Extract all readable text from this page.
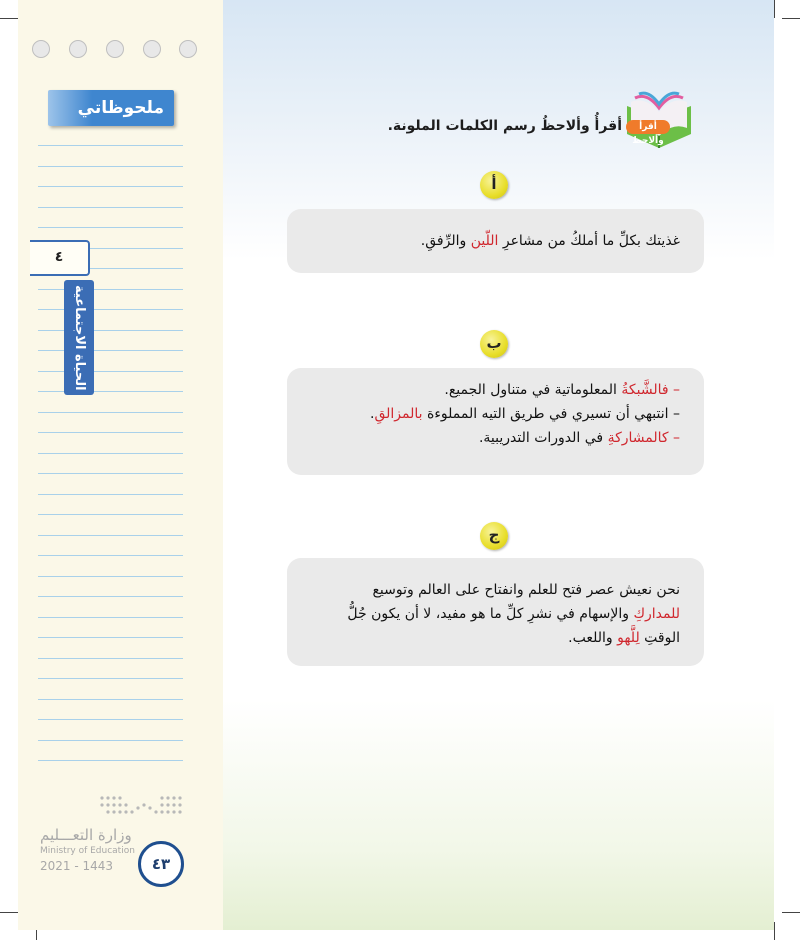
ملحوظاتي
٤
الحياة الاجتماعية
وزارة التعـــليم
Ministry of Education
2021 - 1443	٤٣
أقرأ وألاحظ
أقرأُ وألاحظُ رسم الكلمات الملونة.
أ
غذيتك بكلِّ ما أملكُ من مشاعرِ اللّين والرِّفقِ.
ب
– فالشَّبكةُ المعلوماتية في متناول الجميع.
– انتبهي أن تسيري في طريق التيه المملوءة بالمزالقِ.
– كالمشاركةِ في الدورات التدريبية.
ج
نحن نعيش عصر فتح للعلم وانفتاح على العالم وتوسيع
للمداركِ والإسهام في نشرِ كلِّ ما هو مفيد، لا أن يكون جُلُّ
الوقتِ لِلَّهو واللعب.
